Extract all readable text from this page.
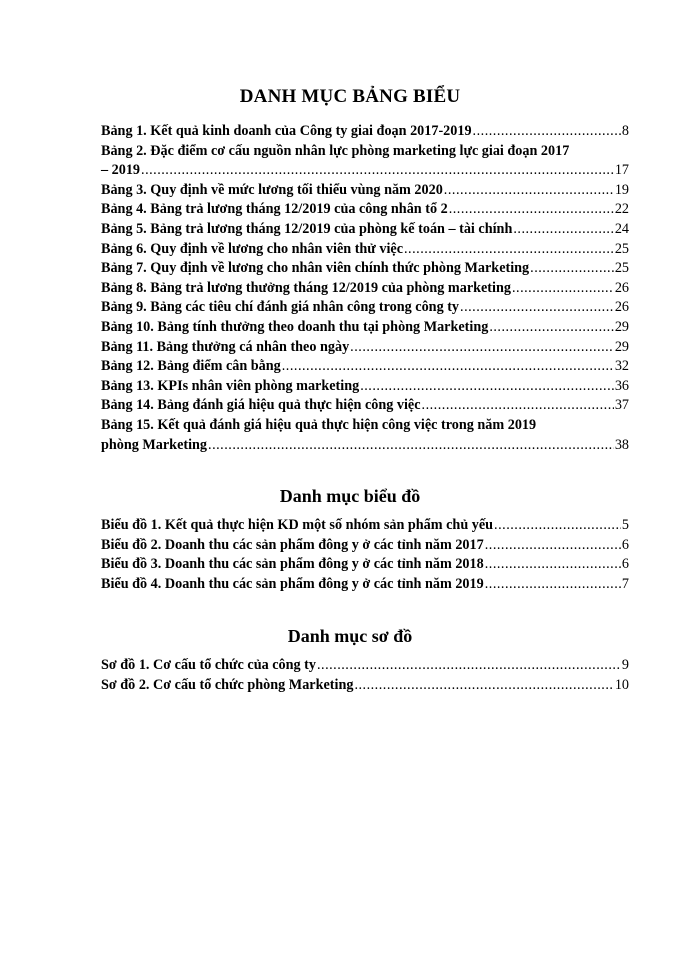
DANH MỤC BẢNG BIỂU
Bảng 1. Kết quả kinh doanh của Công ty giai đoạn 2017-2019 .....	8
Bảng 2. Đặc điểm cơ cấu nguồn nhân lực phòng marketing lực giai đoạn 2017
– 2019 .....	17
Bảng 3. Quy định về mức lương tối thiểu vùng năm 2020 .....	19
Bảng 4. Bảng trả lương tháng 12/2019 của công nhân tổ 2 .....	22
Bảng 5. Bảng trả lương tháng 12/2019 của phòng kế toán – tài chính .....	24
Bảng 6. Quy định về lương cho nhân viên thử việc .....	25
Bảng 7. Quy định về lương cho nhân viên chính thức phòng Marketing .....	25
Bảng 8. Bảng trả lương thưởng tháng 12/2019 của phòng marketing .....	26
Bảng 9. Bảng các tiêu chí đánh giá nhân công trong công ty .....	26
Bảng 10. Bảng tính thưởng theo doanh thu tại phòng Marketing .....	29
Bảng 11. Bảng thưởng cá nhân theo ngày .....	29
Bảng 12. Bảng điểm cân bằng .....	32
Bảng 13. KPIs nhân viên phòng marketing .....	36
Bảng 14. Bảng đánh giá hiệu quả thực hiện công việc .....	37
Bảng 15. Kết quả đánh giá hiệu quả thực hiện công việc trong năm 2019
phòng Marketing .....	38
Danh mục biểu đồ
Biểu đồ 1. Kết quả thực hiện KD một số nhóm sản phẩm chủ yếu .....	5
Biểu đồ 2. Doanh thu các sản phẩm đông y ở các tỉnh năm 2017 .....	6
Biểu đồ 3. Doanh thu các sản phẩm đông y ở các tỉnh năm 2018 .....	6
Biểu đồ 4. Doanh thu các sản phẩm đông y ở các tỉnh năm 2019 .....	7
Danh mục sơ đồ
Sơ đồ 1. Cơ cấu tổ chức của công ty .....	9
Sơ đồ 2. Cơ cấu tổ chức phòng Marketing .....	10
